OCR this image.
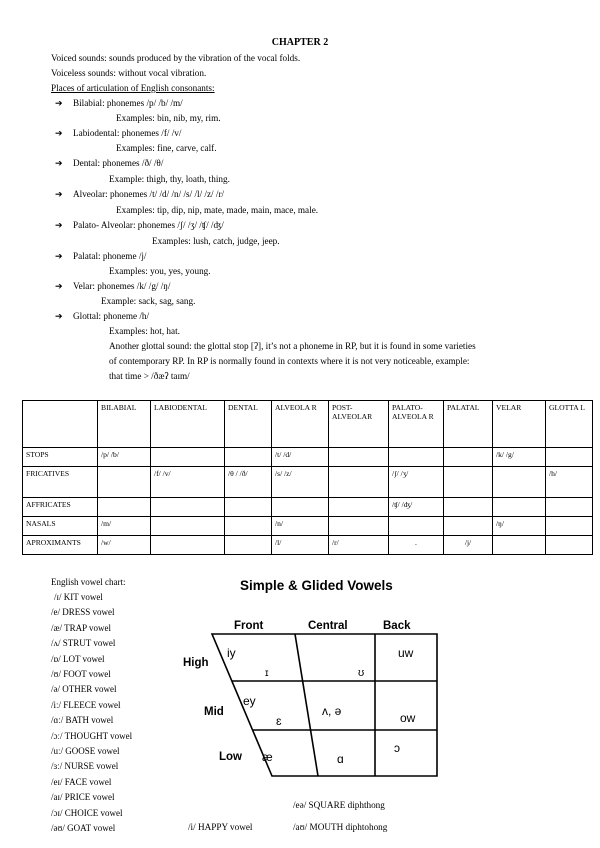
CHAPTER 2
Voiced sounds: sounds produced by the vibration of the vocal folds.
Voiceless sounds: without vocal vibration.
Places of articulation of English consonants:
➔ Bilabial: phonemes /p/ /b/ /m/
Examples: bin, nib, my, rim.
➔ Labiodental: phonemes /f/ /v/
Examples: fine, carve, calf.
➔ Dental: phonemes /ð/ /θ/
Example: thigh, thy, loath, thing.
➔ Alveolar: phonemes /t/ /d/ /n/ /s/ /l/ /z/ /r/
Examples: tip, dip, nip, mate, made, main, mace, male.
➔ Palato- Alveolar: phonemes /ʃ/ /ʒ/ /ʧ/ /ʤ/
Examples: lush, catch, judge, jeep.
➔ Palatal: phoneme /j/
Examples: you, yes, young.
➔ Velar: phonemes /k/ /g/ /ŋ/
Example: sack, sag, sang.
➔ Glottal: phoneme /h/
Examples: hot, hat.
Another glottal sound: the glottal stop [ʔ], it’s not a phoneme in RP, but it is found in some varieties
of contemporary RP. In RP is normally found in contexts where it is not very noticeable, example:
that time > /ðæʔ taɪm/
	BILABIAL	LABIODENTAL	DENTAL	ALVEOLA R	POST-ALVEOLAR	PALATO-ALVEOLA R	PALATAL	VELAR	GLOTTA L
STOPS	/p/ /b/			/t/ /d/				/k/ /g/	
FRICATIVES		/f/ /v/	/θ / /ð/	/s/ /z/		/ʃ/ /ʒ/			/h/
AFFRICATES						/ʧ/ /ʤ/			
NASALS	/m/			/n/				/ŋ/	
APROXIMANTS	/w/			/l/	/r/	.	/j/		
English vowel chart:
/ɪ/ KIT vowel
/e/ DRESS vowel
/æ/ TRAP vowel
/ʌ/ STRUT vowel
/ɒ/ LOT vowel
/ʊ/ FOOT vowel
/ə/ OTHER vowel
/iː/ FLEECE vowel
/ɑː/ BATH vowel
/ɔː/ THOUGHT vowel
/uː/ GOOSE vowel
/ɜː/ NURSE vowel
/eɪ/ FACE vowel
/aɪ/ PRICE vowel
/ɔɪ/ CHOICE vowel
/əʊ/ GOAT vowel	/i/ HAPPY vowel
/eə/ SQUARE diphthong
/aʊ/ MOUTH diphtohong
Simple & Glided Vowels
Front	Central	Back
High
Mid
Low
iy
ɪ
uw
ʊ
ey
ɛ
ʌ, ə	ow
æ	ɑ
ɔ
